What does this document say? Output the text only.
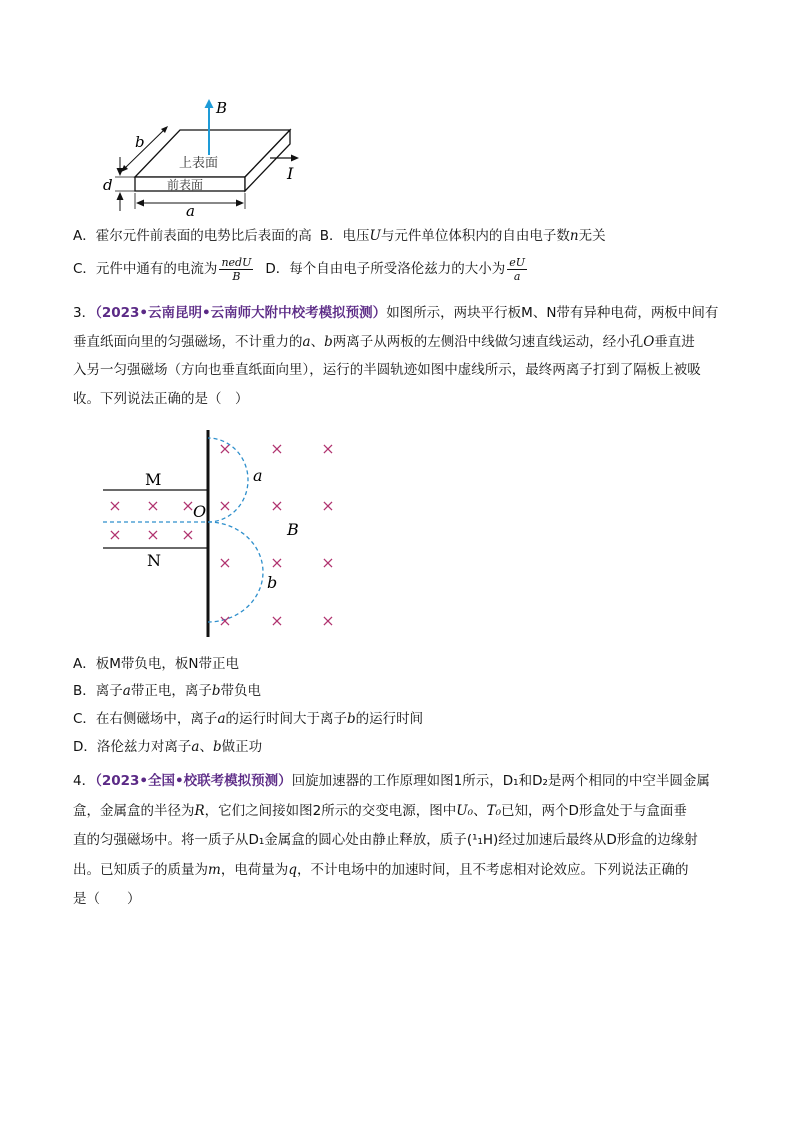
B
上表面
前表面
b
d
a
I
A．霍尔元件前表面的电势比后表面的高 B．电压U与元件单位体积内的自由电子数n无关
C．元件中通有的电流为 $\frac{\text{nedU}}{B}$ D．每个自由电子所受洛伦兹力的大小为 $\frac{eU}{a}$
3．（2023•云南昆明•云南师大附中校考模拟预测）如图所示，两块平行板M、N带有异种电荷，两板中间有
垂直纸面向里的匀强磁场，不计重力的a、b两离子从两板的左侧沿中线做匀速直线运动，经小孔O垂直进
入另一匀强磁场（方向也垂直纸面向里），运行的半圆轨迹如图中虚线所示，最终两离子打到了隔板上被吸
收。下列说法正确的是（　）
M
N
O
a
b
B
× × ×
× × ×
× × ×
× × ×
× × ×
× × ×
A．板M带负电，板N带正电
B．离子a带正电，离子b带负电
C．在右侧磁场中，离子a的运行时间大于离子b的运行时间
D．洛伦兹力对离子a、b做正功
4．（2023•全国•校联考模拟预测）回旋加速器的工作原理如图1所示，D₁和D₂是两个相同的中空半圆金属
盒，金属盒的半径为R，它们之间接如图2所示的交变电源，图中U₀、T₀已知，两个D形盒处于与盒面垂
直的匀强磁场中。将一质子从D₁金属盒的圆心处由静止释放，质子(¹₁H)经过加速后最终从D形盒的边缘射
出。已知质子的质量为m，电荷量为q，不计电场中的加速时间，且不考虑相对论效应。下列说法正确的
是（　　）
